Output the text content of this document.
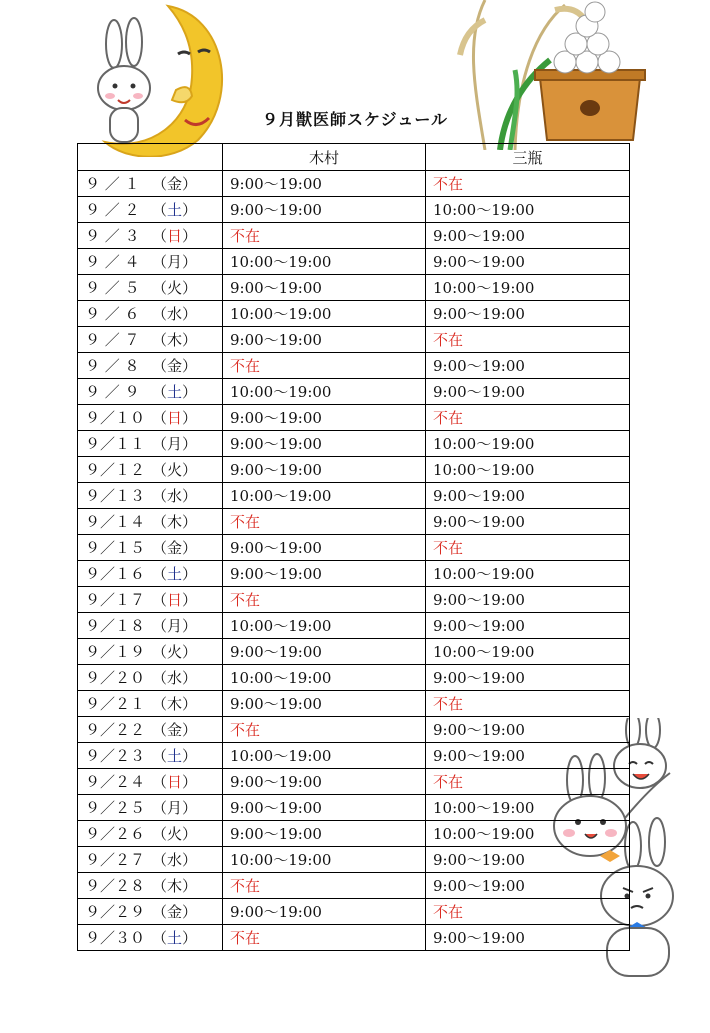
９月獣医師スケジュール
	木村	三瓶
９ ／ １ （金）	9:00〜19:00	不在
９ ／ ２ （土）	9:00〜19:00	10:00〜19:00
９ ／ ３ （日）	不在	9:00〜19:00
９ ／ ４ （月）	10:00〜19:00	9:00〜19:00
９ ／ ５ （火）	9:00〜19:00	10:00〜19:00
９ ／ ６ （水）	10:00〜19:00	9:00〜19:00
９ ／ ７ （木）	9:00〜19:00	不在
９ ／ ８ （金）	不在	9:00〜19:00
９ ／ ９ （土）	10:00〜19:00	9:00〜19:00
９／１０ （日）	9:00〜19:00	不在
９／１１ （月）	9:00〜19:00	10:00〜19:00
９／１２ （火）	9:00〜19:00	10:00〜19:00
９／１３ （水）	10:00〜19:00	9:00〜19:00
９／１４ （木）	不在	9:00〜19:00
９／１５ （金）	9:00〜19:00	不在
９／１６ （土）	9:00〜19:00	10:00〜19:00
９／１７ （日）	不在	9:00〜19:00
９／１８ （月）	10:00〜19:00	9:00〜19:00
９／１９ （火）	9:00〜19:00	10:00〜19:00
９／２０ （水）	10:00〜19:00	9:00〜19:00
９／２１ （木）	9:00〜19:00	不在
９／２２ （金）	不在	9:00〜19:00
９／２３ （土）	10:00〜19:00	9:00〜19:00
９／２４ （日）	9:00〜19:00	不在
９／２５ （月）	9:00〜19:00	10:00〜19:00
９／２６ （火）	9:00〜19:00	10:00〜19:00
９／２７ （水）	10:00〜19:00	9:00〜19:00
９／２８ （木）	不在	9:00〜19:00
９／２９ （金）	9:00〜19:00	不在
９／３０ （土）	不在	9:00〜19:00
